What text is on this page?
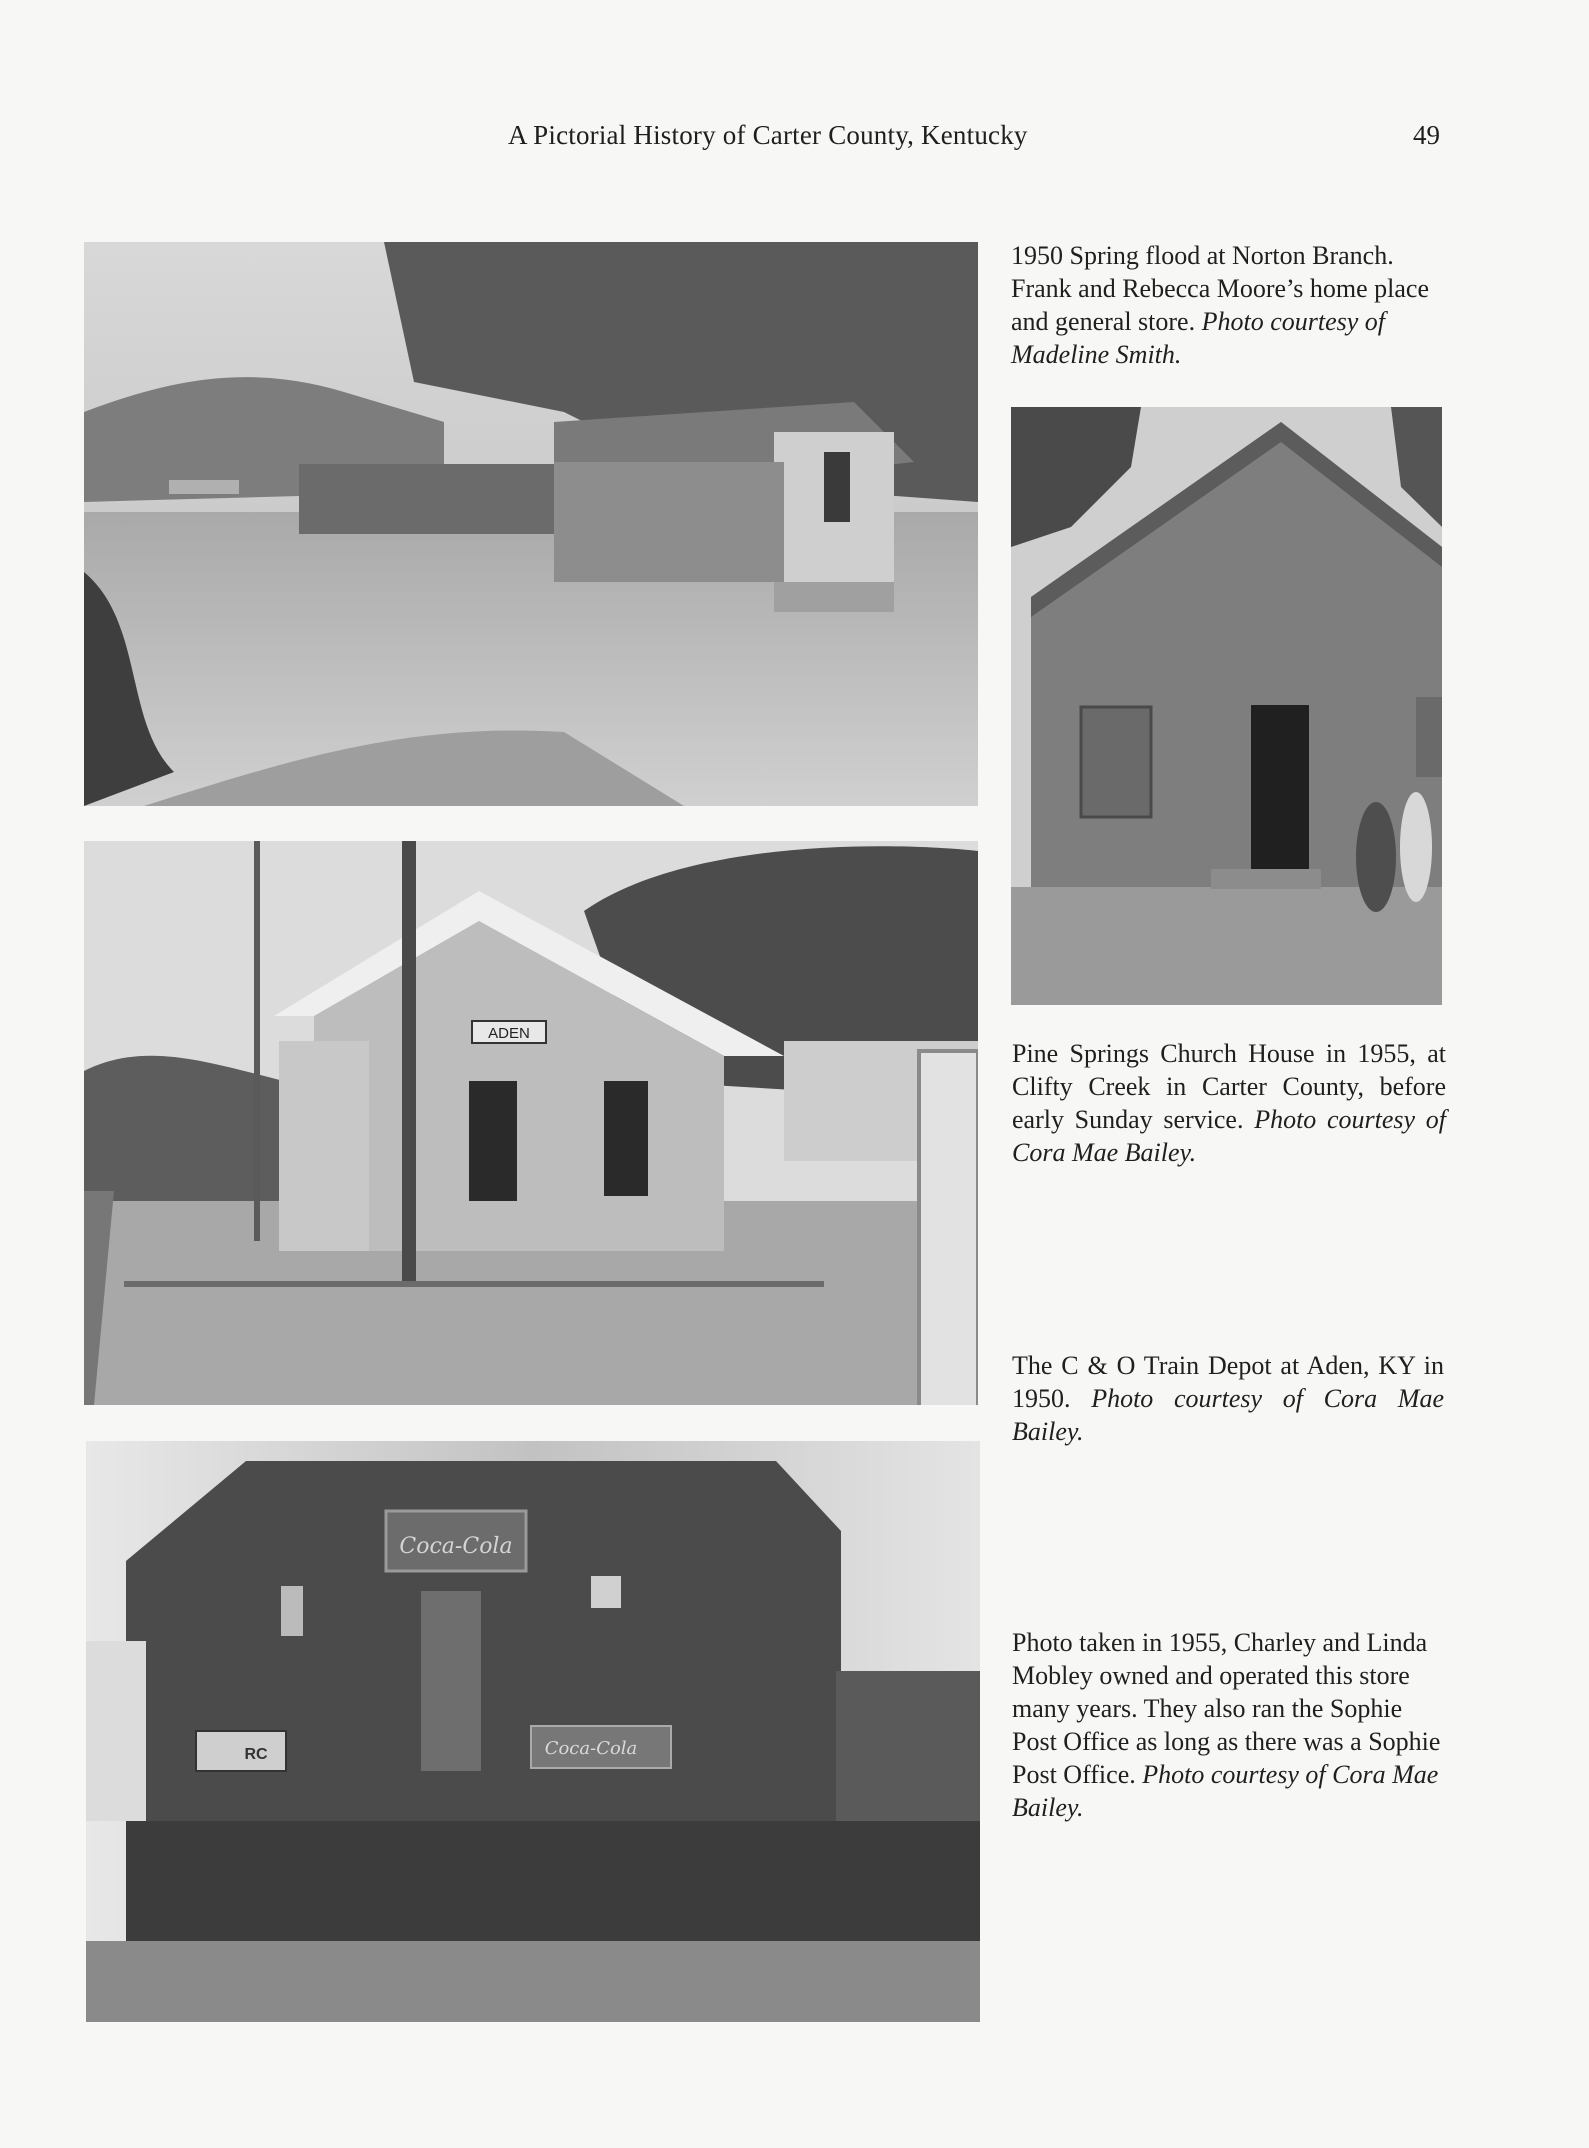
A Pictorial History of Carter County, Kentucky	49
ADEN
Coca-Cola
RC	Coca-Cola
1950 Spring flood at Norton Branch. Frank and Rebecca Moore’s home place and general store. Photo courtesy of Madeline Smith.
Pine Springs Church House in 1955, at Clifty Creek in Carter County, before early Sunday service. Photo courtesy of Cora Mae Bailey.
The C & O Train Depot at Aden, KY in 1950. Photo courtesy of Cora Mae Bailey.
Photo taken in 1955, Charley and Linda Mobley owned and operated this store many years. They also ran the Sophie Post Office as long as there was a Sophie Post Office. Photo courtesy of Cora Mae Bailey.
